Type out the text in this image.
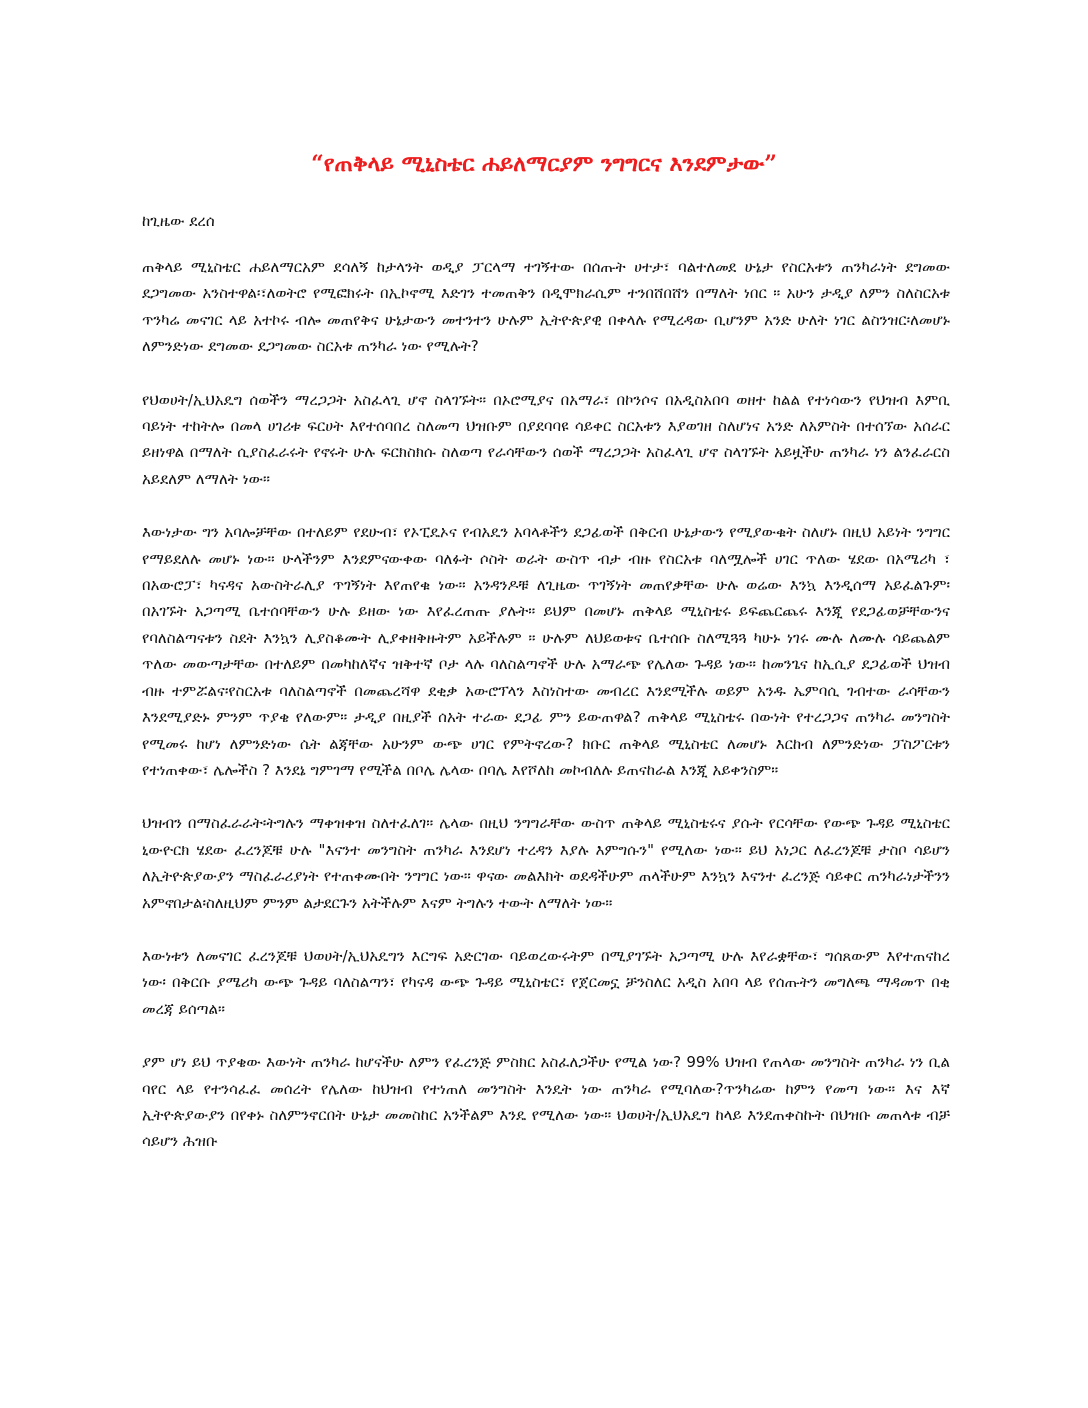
“የጠቅላይ ሚኒስቴር ሐይለማርያም ንግግርና እንደምታው”
ከጊዜው ደረሰ

ጠቅላይ ሚኒስቴር ሐይለማርአም ደሳለኝ ከታላንት ወዲያ ፓርላማ ተገኝተው በሰጡት ሀተታ፣ ባልተለመደ ሁኔታ የስርአቱን ጠንካራነት ደግመው ደጋግመው አንስተዋል፡፣ለወትሮ የሚፎክሩት በኢኮኖሚ እድገን ተመጠቅን በዲሞክራሲም ተንበሸበሸን በማለት ነበር ። አሁን ታዲያ ለምን ስለስርአቱ ጥንካሬ መናገር ላይ አተኮሩ ብሎ መጠየቅና ሁኔታውን መተንተን ሁሉም ኢትዮጵያዊ በቀላሉ የሚረዳው ቢሆንም አንድ ሁለት ነገር ልስንዝር፡ለመሆኑ ለምንድነው ደግመው ደጋግመው ስርአቱ ጠንካራ ነው የሚሉት?

የህወሀት/ኢህአዴግ ሰወችን ማረጋጋት አስፈላጊ ሆኖ ስላገኙት። በኦሮሚያና በአማራ፣ በኮንሶና በአዲስአበባ ወዘተ ከልል የተነሳውን የህዝብ እምቢ ባይነት ተከትሎ በመላ ሀገሪቱ ፍርሀት እየተሰባበረ ስለመጣ ህዝቡም በያደባባዩ ሳይቀር ስርአቱን እያወገዘ ስለሆነና አንድ ለአምስት በተሰኘው አሰራር ይዘነዋል በማለት ሲያስፈራሩት የኖሩት ሁሉ ፍርክስክሱ ስለወጣ የራሳቸውን ሰወች ማረጋጋት አስፈላጊ ሆኖ ስላገኙት አይዟችሁ ጠንካራ ነን ልንፈራርስ አይደለም ለማለት ነው።

እውነታው ግን አባሎቻቸው በተለይም የደሁብ፣ የኦፒዴኦና የብአዴን አባላቶችን ደጋፊወች በቅርብ ሁኔታውን የሚያውቁት ስለሆኑ በዚህ አይነት ንግግር የማይደለሉ መሆኑ ነው። ሁላችንም እንደምናውቀው ባለፉት ሶስት ወራት ውስጥ ብታ ብዙ የስርአቱ ባለሟሎች ሀገር ጥለው ሄደው በአሜሪካ ፣ በአውሮፓ፣ ካናዳና አውስትራሊያ ጥገኝነት እየጠየቁ ነው። አንዳንዶቹ ለጊዜው ጥገኝነት መጠየቃቸው ሁሉ ወሬው እንኳ እንዲሰማ አይፈልጉም፡ በአገኙት አጋጣሚ ቤተሰባቸውን ሁሉ ይዘው ነው እየፈረጠጡ ያሉት። ይህም በመሆኑ ጠቅላይ ሚኒስቴሩ ይፍጨርጨሩ እንጂ የደጋፊወቻቸውንና የባለስልጣናቱን ስደት እንኳን ሊያስቆሙት ሊያቀዘቅዙትም አይችሉም ። ሁሉም ለህይወቱና ቤተሰቡ ስለሚጓጓ ካሁኑ ነገሩ ሙሉ ለሙሉ ሳይጨልም ጥለው መውጣታቸው በተለይም በመካከለኛና ዝቅተኛ ቦታ ላሉ ባለስልጣኖች ሁሉ አማራጭ የሌለው ጉዳይ ነው። ከመንጌና ከኢሲያ ደጋፊወች ህዝብ ብዙ ተምሯልና፡የስርአቱ ባለስልጣኖች በመጨረሻዋ ደቂቃ አውሮፕላን እስነስተው መብረር እንደሚችሉ ወይም አንዱ ኤምባሲ ገብተው ራሳቸውን እንደሚያድኑ ምንም ጥያቄ የለውም። ታዲያ በዚያች ሰአት ተራው ደጋፊ ምን ይውጠዋል? ጠቅላይ ሚኒስቴሩ በውነት የተረጋጋና ጠንካራ መንግስት የሚመሩ ከሆነ ለምንድነው ሴት ልጃቸው አሁንም ውጭ ሀገር የምትኖረው? ክቡር ጠቅላይ ሚኒስቴር ለመሆኑ እርከብ ለምንድነው ፓስፖርቱን የተነጠቀው፣ ሌሎችስ ? እንደኔ ግምገማ የሚችል በቦሌ ሌላው በባሌ እየሾለከ መኮብለሉ ይጠናከራል እንጂ አይቀንስም።

ህዝብን በማስፈራራት፡ትግሉን ማቀዝቀዝ ስለተፈለገ። ሌላው በዚህ ንግግራቸው ውስጥ ጠቅላይ ሚኒስቴሩና ያሱት የርሳቸው የውጭ ጉዳይ ሚኒስቴር ኒውዮርክ ሄደው ፈረንጆቹ ሁሉ "እናንተ መንግስት ጠንካራ እንደሆነ ተረዳን እያሉ እምግሱን" የሚለው ነው። ይህ አነጋር ለፈረንጆቹ ታስቦ ሳይሆን ለኢትዮጵያውያን ማስፈራሪያነት የተጠቀሙበት ንግግር ነው። ዋናው መልእክት ወደዳችሁም ጠላችሁም እንኳን እናንተ ፈረንጅ ሳይቀር ጠንካራነታችንን አምኖበታል፡ስለዚህም ምንም ልታደርጉን አትችሉም እናም ትግሉን ተውት ለማለት ነው።

እውነቱን ለመናገር ፈረንጆቹ ህወሀት/ኢህአዴግን እርግፍ አድርገው ባይወረውሩትም በሚያገኙት አጋጣሚ ሁሉ እየራቋቸው፣ ግሰጸውም እየተጠናከረ ነው፡ በቅርቡ ያሜሪካ ውጭ ጉዳይ ባለስልጣን፣ የካናዳ ውጭ ጉዳይ ሚኒስቴር፣ የጀርመኗ ቻንስለር አዲስ አበባ ላይ የሰጡትን መግለጫ ማዳመጥ በቂ መረጃ ይሰጣል።

ያም ሆነ ይህ ጥያቄው እውነት ጠንካራ ከሆናችሁ ለምን የፈረንጅ ምስክር አስፈለጋችሁ የሚል ነው? 99% ህዝብ የጠላው መንግስት ጠንካራ ነን ቢል ባየር ላይ የተንሳፈፈ መሰረት የሌለው ከህዝብ የተነጠለ መንግስት እንዴት ነው ጠንካራ የሚባለው?ጥንካሬው ከምን የመጣ ነው። እና እኛ ኢትዮጵያውያን በየቀኑ ስለምንኖርበት ሁኔታ መመስከር አንችልም እንዴ የሚለው ነው። ህወሀት/ኢህአዴግ ከላይ እንደጠቀስኩት በህዝቡ መጠላቱ ብቻ ሳይሆን ሕዝቡ
